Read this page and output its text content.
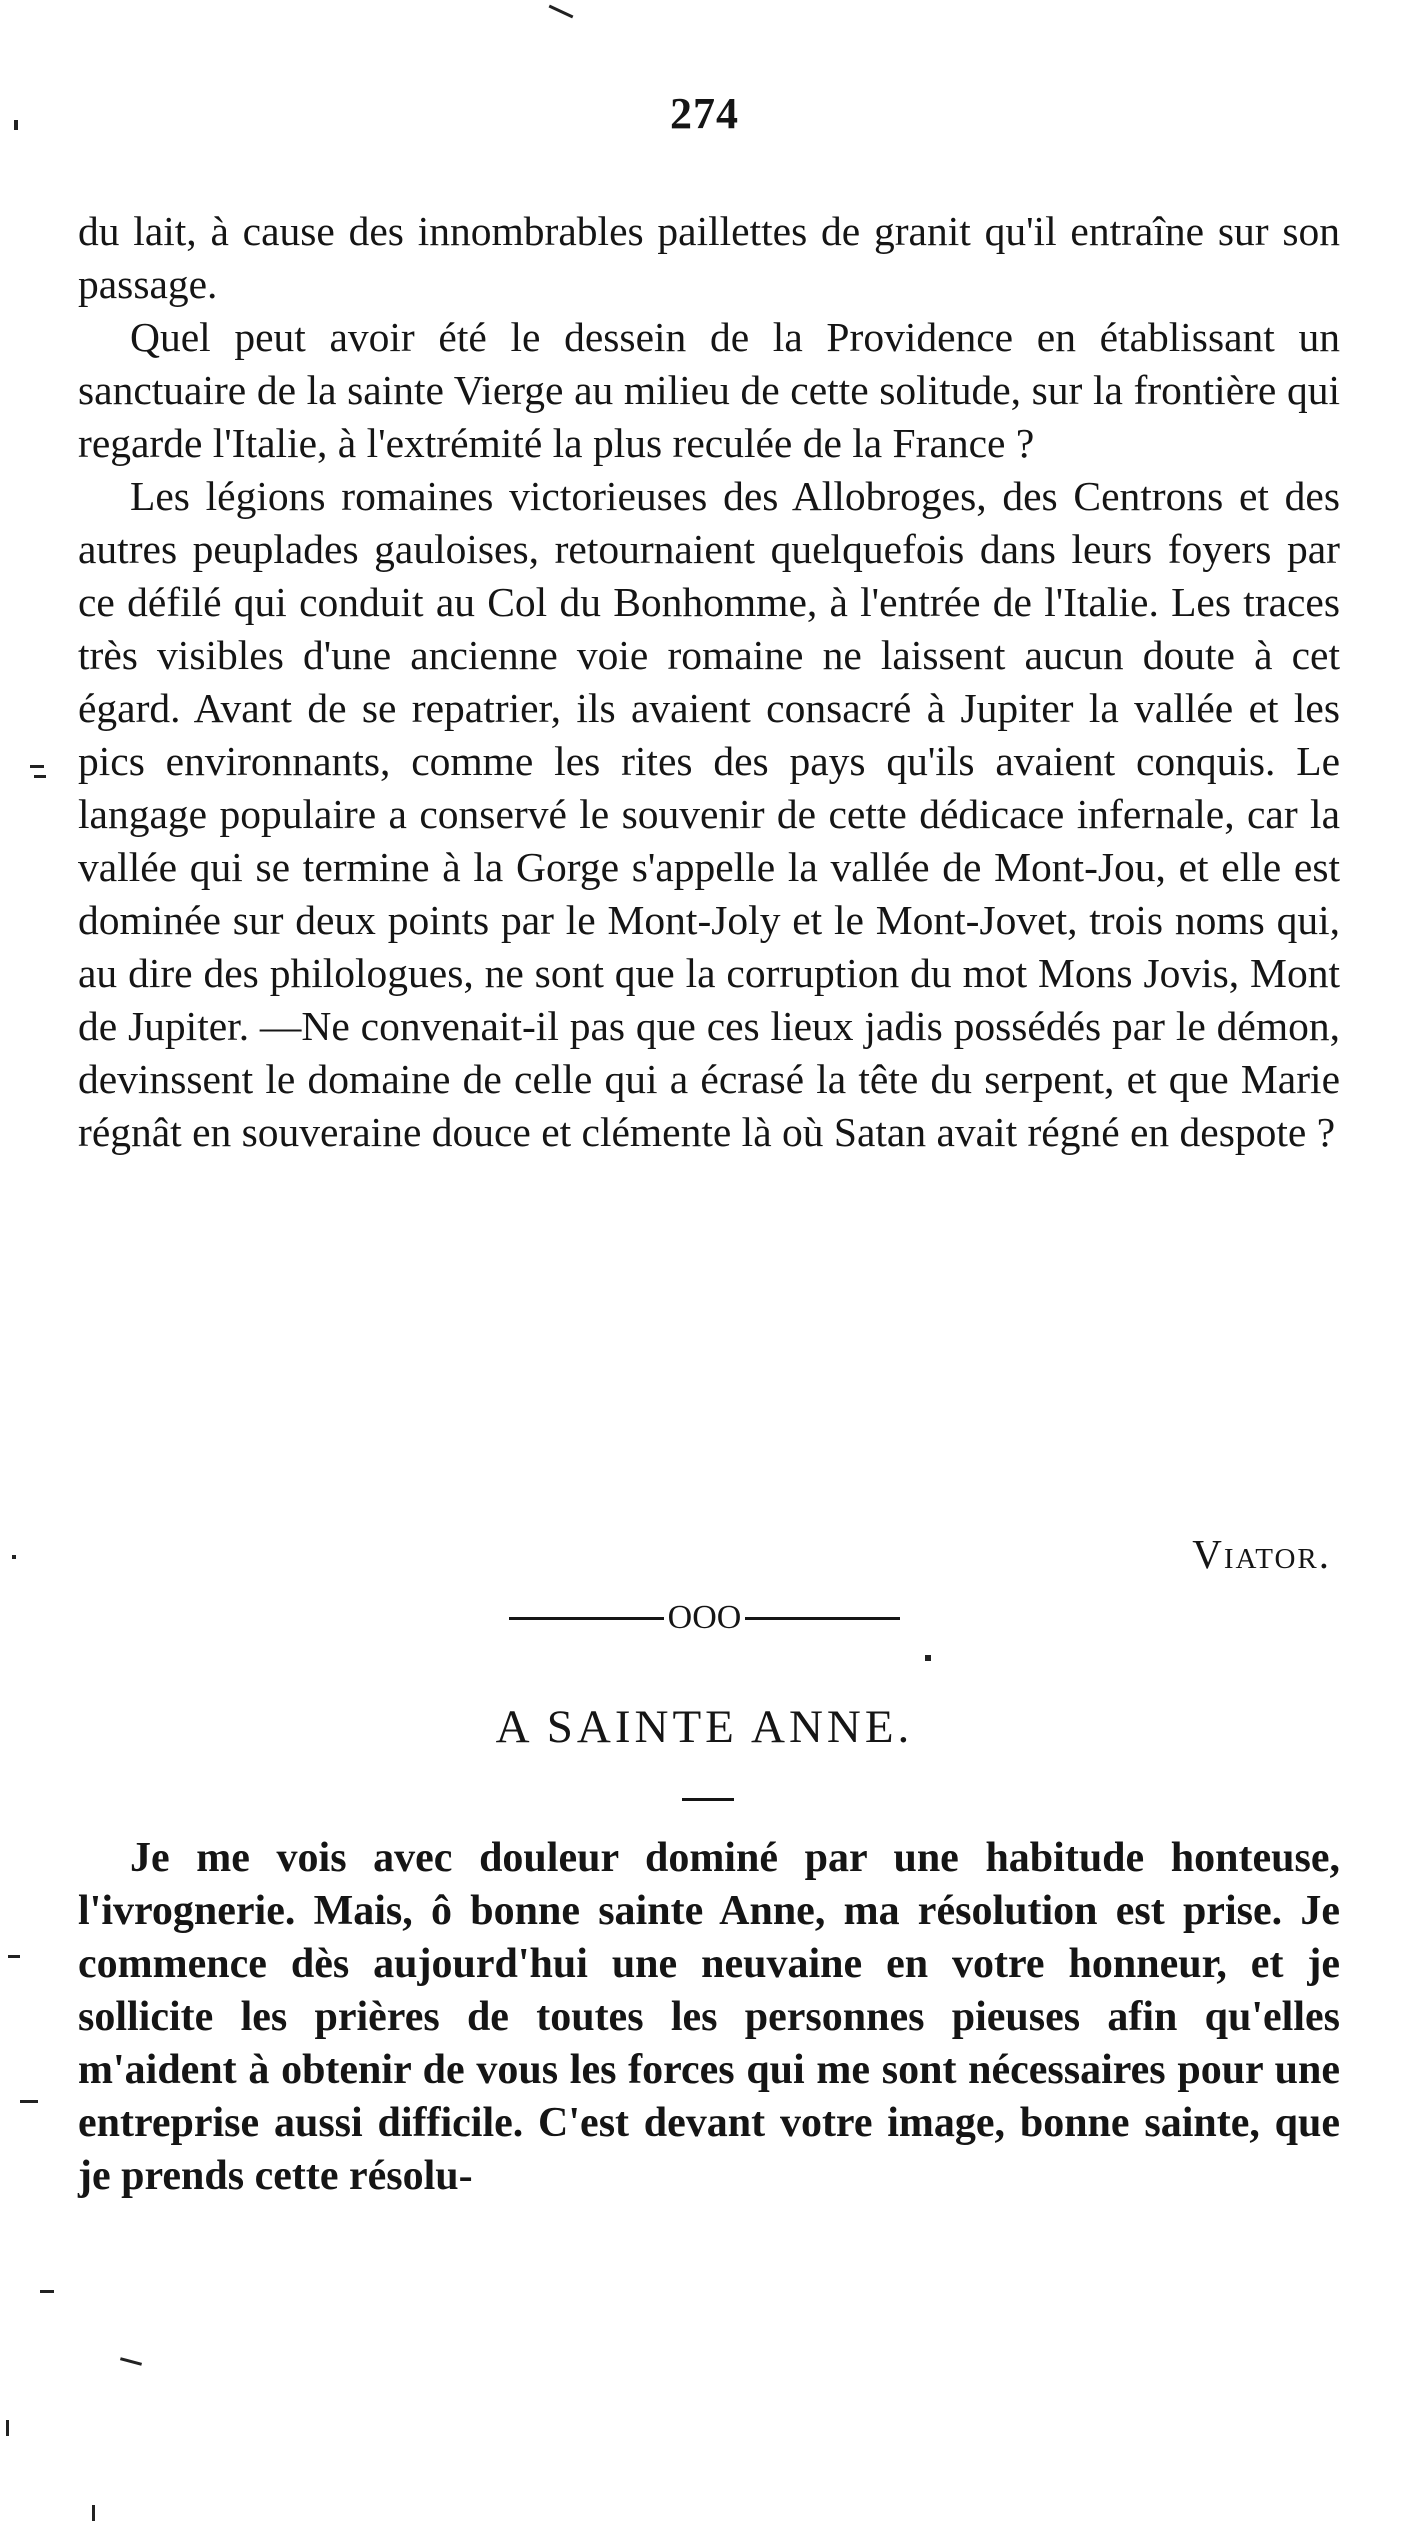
274

du lait, à cause des innombrables paillettes de granit qu'il entraîne sur son passage.

Quel peut avoir été le dessein de la Providence en établissant un sanctuaire de la sainte Vierge au milieu de cette solitude, sur la frontière qui regarde l'Italie, à l'extrémité la plus reculée de la France ?

Les légions romaines victorieuses des Allobroges, des Centrons et des autres peuplades gauloises, retournaient quelquefois dans leurs foyers par ce défilé qui conduit au Col du Bonhomme, à l'entrée de l'Italie. Les traces très visibles d'une ancienne voie romaine ne laissent aucun doute à cet égard. Avant de se repatrier, ils avaient consacré à Jupiter la vallée et les pics environnants, comme les rites des pays qu'ils avaient conquis. Le langage populaire a conservé le souvenir de cette dédicace infernale, car la vallée qui se termine à la Gorge s'appelle la vallée de Mont-Jou, et elle est dominée sur deux points par le Mont-Joly et le Mont-Jovet, trois noms qui, au dire des philologues, ne sont que la corruption du mot Mons Jovis, Mont de Jupiter. —Ne convenait-il pas que ces lieux jadis possédés par le démon, devinssent le domaine de celle qui a écrasé la tête du serpent, et que Marie régnât en souveraine douce et clémente là où Satan avait régné en despote ?

Viator.
OOO
A SAINTE ANNE.

Je me vois avec douleur dominé par une habitude honteuse, l'ivrognerie. Mais, ô bonne sainte Anne, ma résolution est prise. Je commence dès aujourd'hui une neuvaine en votre honneur, et je sollicite les prières de toutes les personnes pieuses afin qu'elles m'aident à obtenir de vous les forces qui me sont nécessaires pour une entreprise aussi difficile. C'est devant votre image, bonne sainte, que je prends cette résolu-
